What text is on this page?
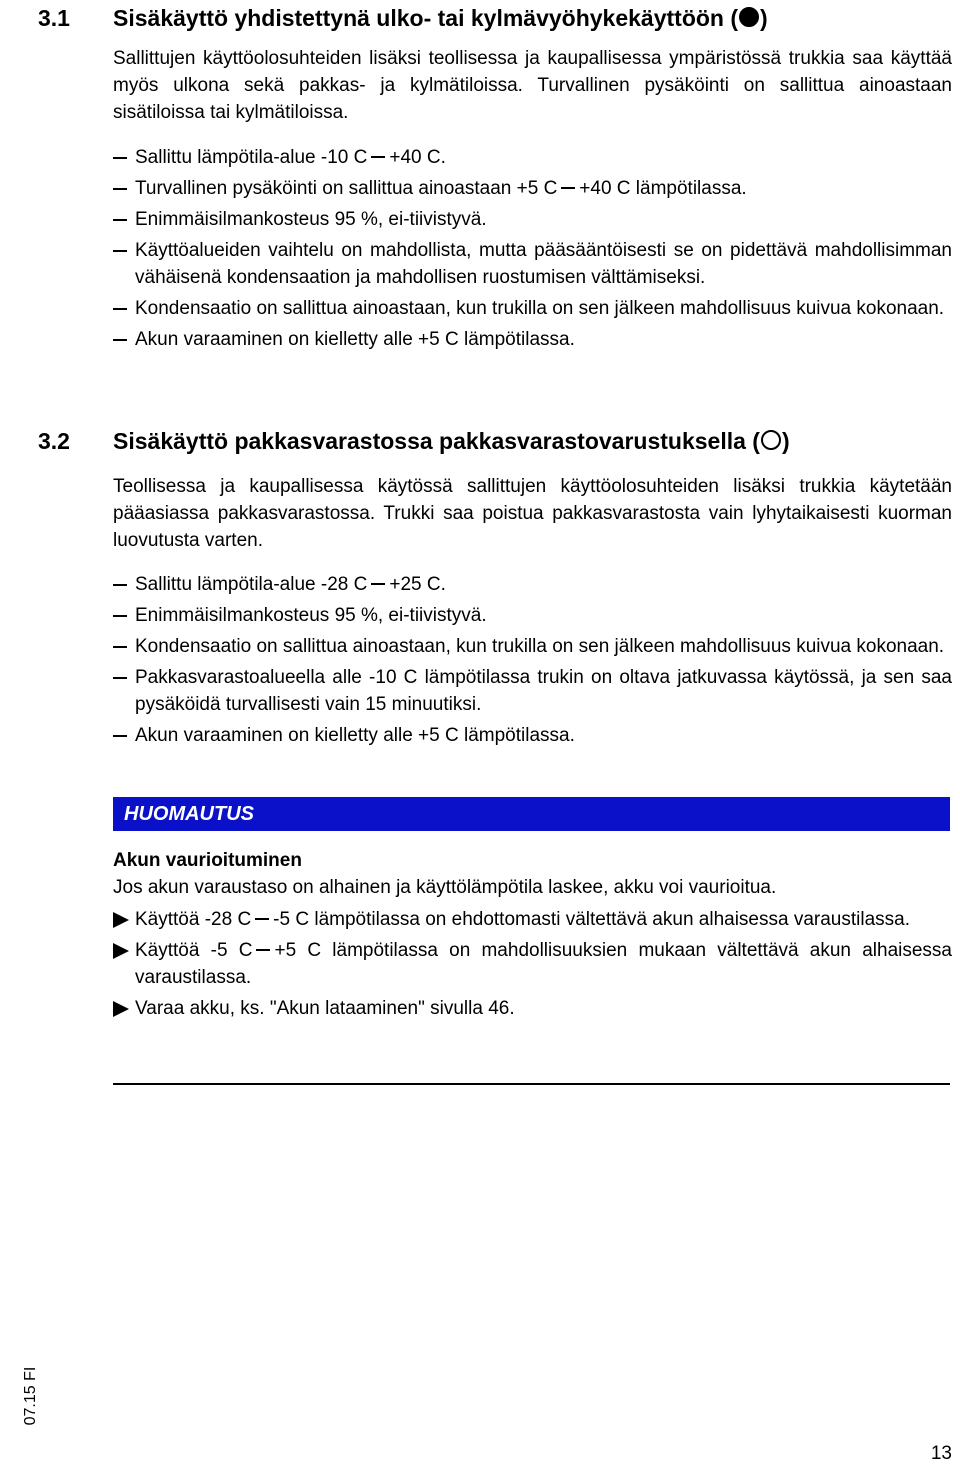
3.1 Sisäkäyttö yhdistettynä ulko- tai kylmävyöhykekäyttöön ( )

Sallittujen käyttöolosuhteiden lisäksi teollisessa ja kaupallisessa ympäristössä trukkia saa käyttää myös ulkona sekä pakkas- ja kylmätiloissa. Turvallinen pysäköinti on sallittua ainoastaan sisätiloissa tai kylmätiloissa.

Sallittu lämpötila-alue -10 C +40 C.
Turvallinen pysäköinti on sallittua ainoastaan +5 C +40 C lämpötilassa.
Enimmäisilmankosteus 95 %, ei-tiivistyvä.
Käyttöalueiden vaihtelu on mahdollista, mutta pääsääntöisesti se on pidettävä mahdollisimman vähäisenä kondensaation ja mahdollisen ruostumisen välttämiseksi.
Kondensaatio on sallittua ainoastaan, kun trukilla on sen jälkeen mahdollisuus kuivua kokonaan.
Akun varaaminen on kielletty alle +5 C lämpötilassa.
3.2 Sisäkäyttö pakkasvarastossa pakkasvarastovarustuksella ( )

Teollisessa ja kaupallisessa käytössä sallittujen käyttöolosuhteiden lisäksi trukkia käytetään pääasiassa pakkasvarastossa. Trukki saa poistua pakkasvarastosta vain lyhytaikaisesti kuorman luovutusta varten.

Sallittu lämpötila-alue -28 C +25 C.
Enimmäisilmankosteus 95 %, ei-tiivistyvä.
Kondensaatio on sallittua ainoastaan, kun trukilla on sen jälkeen mahdollisuus kuivua kokonaan.
Pakkasvarastoalueella alle -10 C lämpötilassa trukin on oltava jatkuvassa käytössä, ja sen saa pysäköidä turvallisesti vain 15 minuutiksi.
Akun varaaminen on kielletty alle +5 C lämpötilassa.
HUOMAUTUS

Akun vaurioituminen

Jos akun varaustaso on alhainen ja käyttölämpötila laskee, akku voi vaurioitua.

Käyttöä -28 C -5 C lämpötilassa on ehdottomasti vältettävä akun alhaisessa varaustilassa.
Käyttöä -5 C +5 C lämpötilassa on mahdollisuuksien mukaan vältettävä akun alhaisessa varaustilassa.
Varaa akku, ks. "Akun lataaminen" sivulla 46.
07.15 FI
13
